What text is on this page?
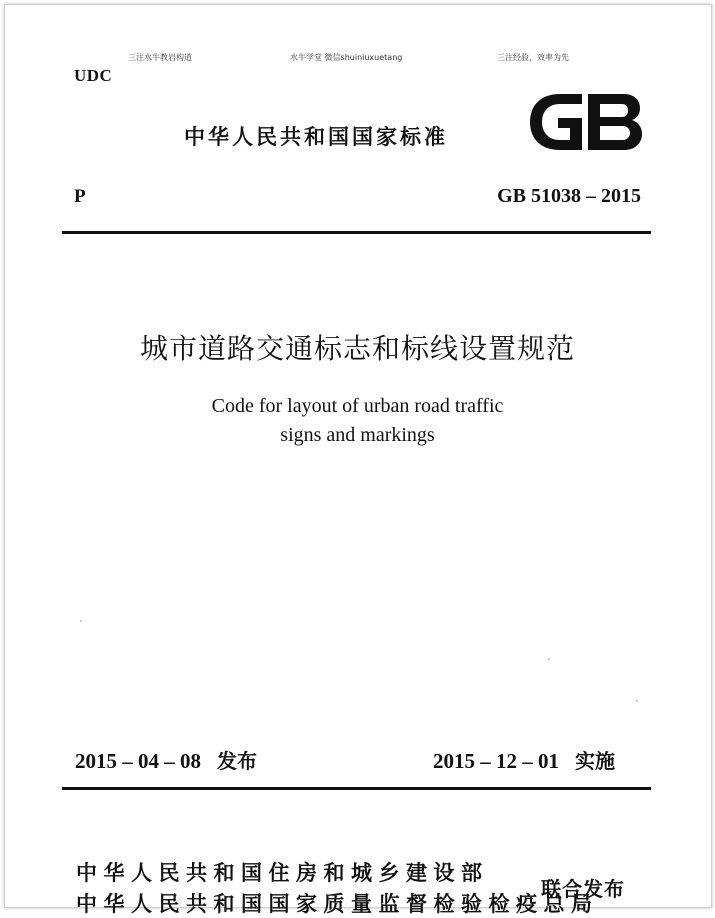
三注水牛教岩构道	水牛学堂 微信shuiniuxuetang	三注经验，效率为先
UDC
中华人民共和国国家标准
P	GB 51038 – 2015
城市道路交通标志和标线设置规范
Code for layout of urban road traffic
signs and markings
2015 – 04 – 08 发布	2015 – 12 – 01 实施
中华人民共和国住房和城乡建设部
中华人民共和国国家质量监督检验检疫总局
联合发布
